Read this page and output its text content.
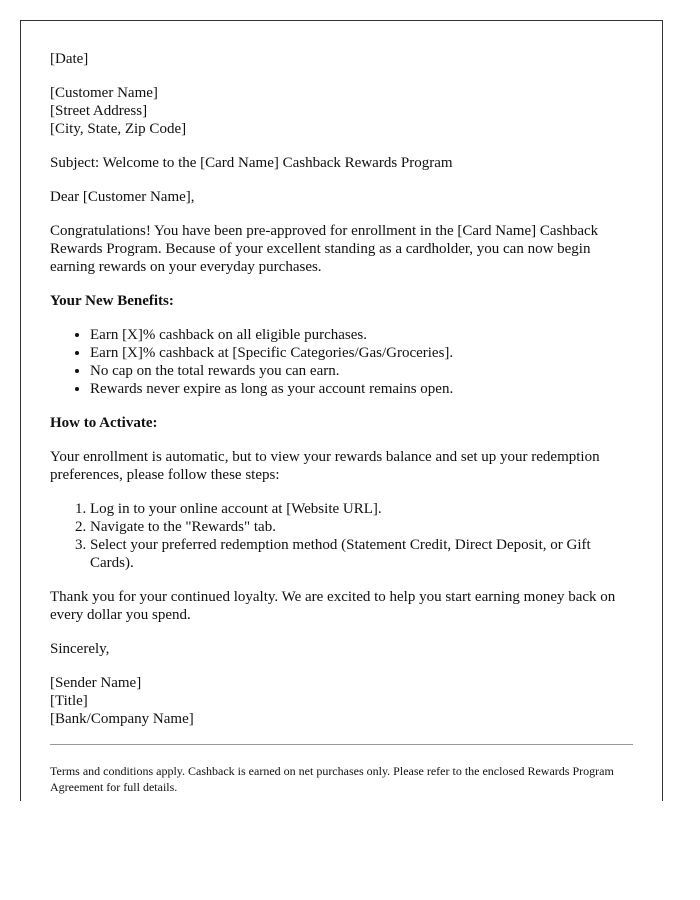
[Date]

[Customer Name]
[Street Address]
[City, State, Zip Code]

Subject: Welcome to the [Card Name] Cashback Rewards Program

Dear [Customer Name],

Congratulations! You have been pre-approved for enrollment in the [Card Name] Cashback Rewards Program. Because of your excellent standing as a cardholder, you can now begin earning rewards on your everyday purchases.

Your New Benefits:
• Earn [X]% cashback on all eligible purchases.
• Earn [X]% cashback at [Specific Categories/Gas/Groceries].
• No cap on the total rewards you can earn.
• Rewards never expire as long as your account remains open.
How to Activate:

Your enrollment is automatic, but to view your rewards balance and set up your redemption preferences, please follow these steps:

1. Log in to your online account at [Website URL].
2. Navigate to the "Rewards" tab.
3. Select your preferred redemption method (Statement Credit, Direct Deposit, or Gift Cards).

Thank you for your continued loyalty. We are excited to help you start earning money back on every dollar you spend.

Sincerely,

[Sender Name]
[Title]
[Bank/Company Name]

Terms and conditions apply. Cashback is earned on net purchases only. Please refer to the enclosed Rewards Program Agreement for full details.
